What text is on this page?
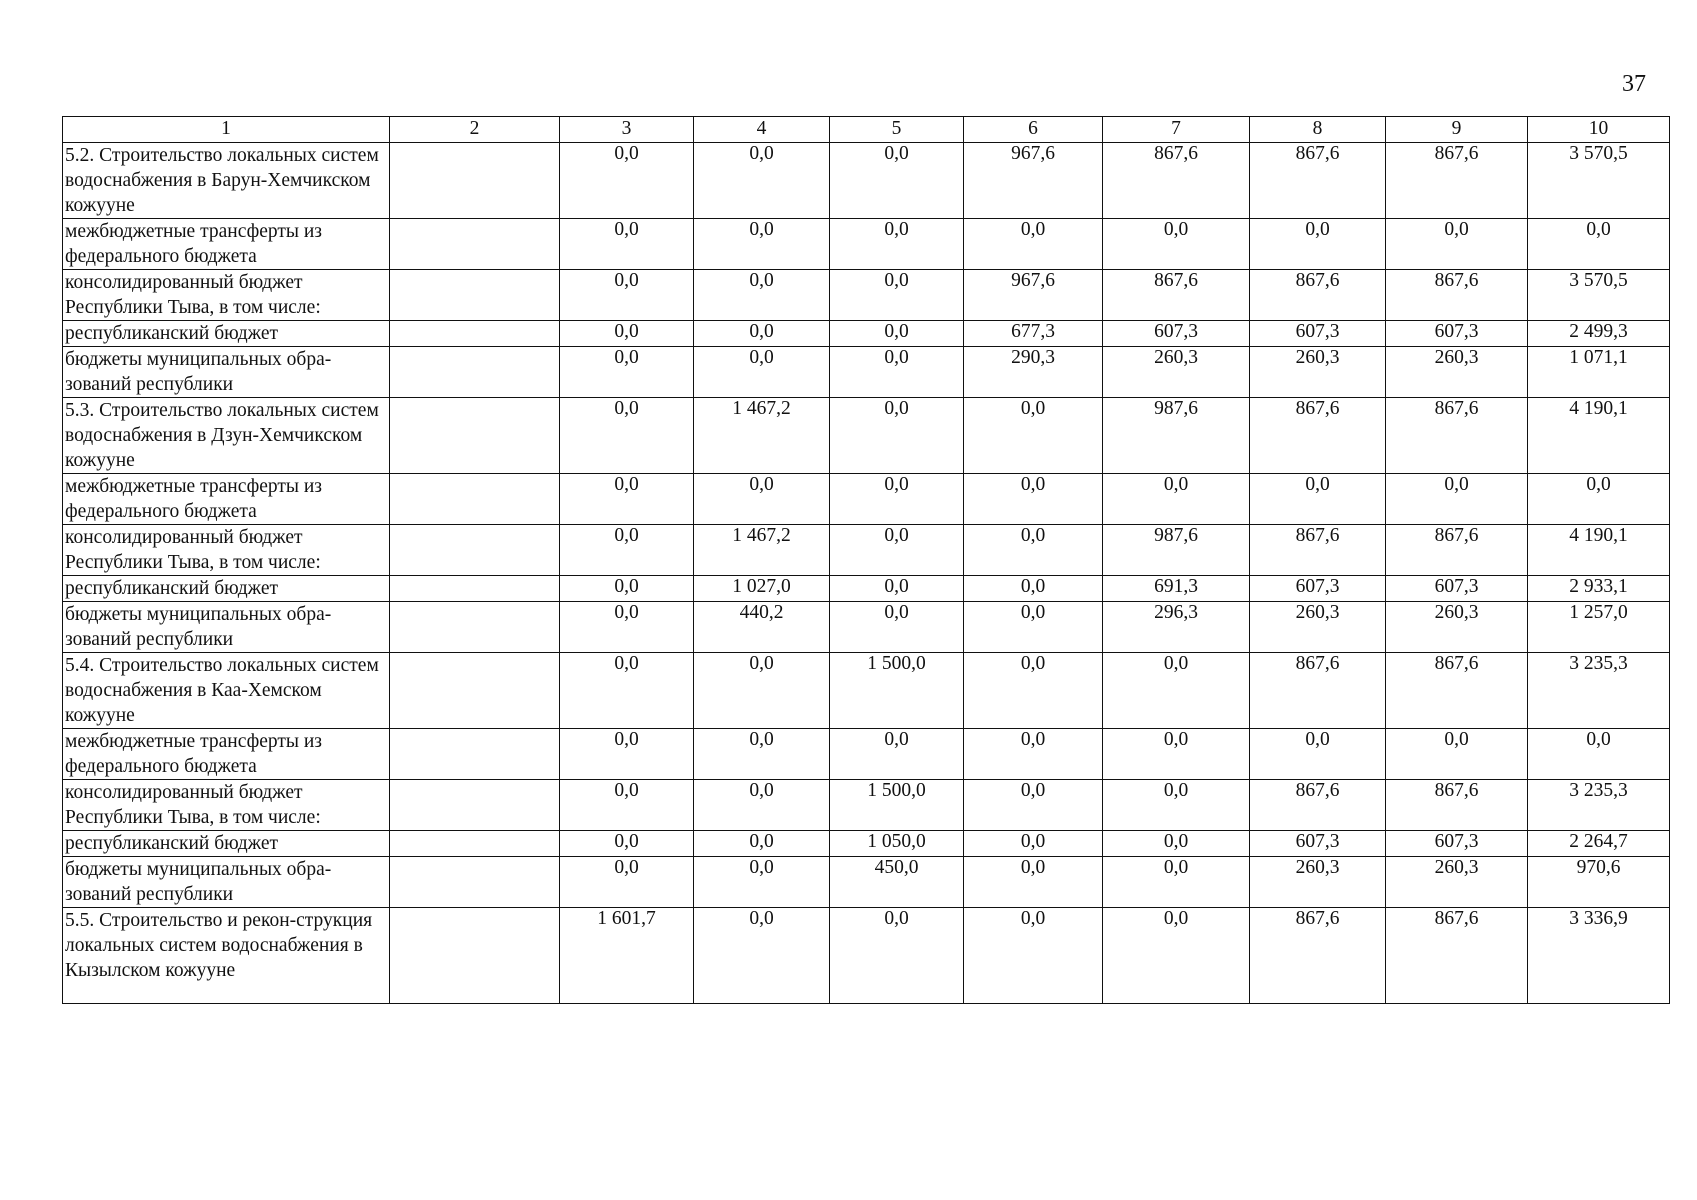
37
1	2	3	4	5	6	7	8	9	10
5.2. Строительство локальных систем водоснабжения в Барун-Хемчикском кожууне		0,0	0,0	0,0	967,6	867,6	867,6	867,6	3 570,5
межбюджетные трансферты из федерального бюджета		0,0	0,0	0,0	0,0	0,0	0,0	0,0	0,0
консолидированный бюджет Республики Тыва, в том числе:		0,0	0,0	0,0	967,6	867,6	867,6	867,6	3 570,5
республиканский бюджет		0,0	0,0	0,0	677,3	607,3	607,3	607,3	2 499,3
бюджеты муниципальных обра-зований республики		0,0	0,0	0,0	290,3	260,3	260,3	260,3	1 071,1
5.3. Строительство локальных систем водоснабжения в Дзун-Хемчикском кожууне		0,0	1 467,2	0,0	0,0	987,6	867,6	867,6	4 190,1
межбюджетные трансферты из федерального бюджета		0,0	0,0	0,0	0,0	0,0	0,0	0,0	0,0
консолидированный бюджет Республики Тыва, в том числе:		0,0	1 467,2	0,0	0,0	987,6	867,6	867,6	4 190,1
республиканский бюджет		0,0	1 027,0	0,0	0,0	691,3	607,3	607,3	2 933,1
бюджеты муниципальных обра-зований республики		0,0	440,2	0,0	0,0	296,3	260,3	260,3	1 257,0
5.4. Строительство локальных систем водоснабжения в Каа-Хемском кожууне		0,0	0,0	1 500,0	0,0	0,0	867,6	867,6	3 235,3
межбюджетные трансферты из федерального бюджета		0,0	0,0	0,0	0,0	0,0	0,0	0,0	0,0
консолидированный бюджет Республики Тыва, в том числе:		0,0	0,0	1 500,0	0,0	0,0	867,6	867,6	3 235,3
республиканский бюджет		0,0	0,0	1 050,0	0,0	0,0	607,3	607,3	2 264,7
бюджеты муниципальных обра-зований республики		0,0	0,0	450,0	0,0	0,0	260,3	260,3	970,6
5.5. Строительство и рекон-струкция локальных систем водоснабжения в Кызылском кожууне		1 601,7	0,0	0,0	0,0	0,0	867,6	867,6	3 336,9
